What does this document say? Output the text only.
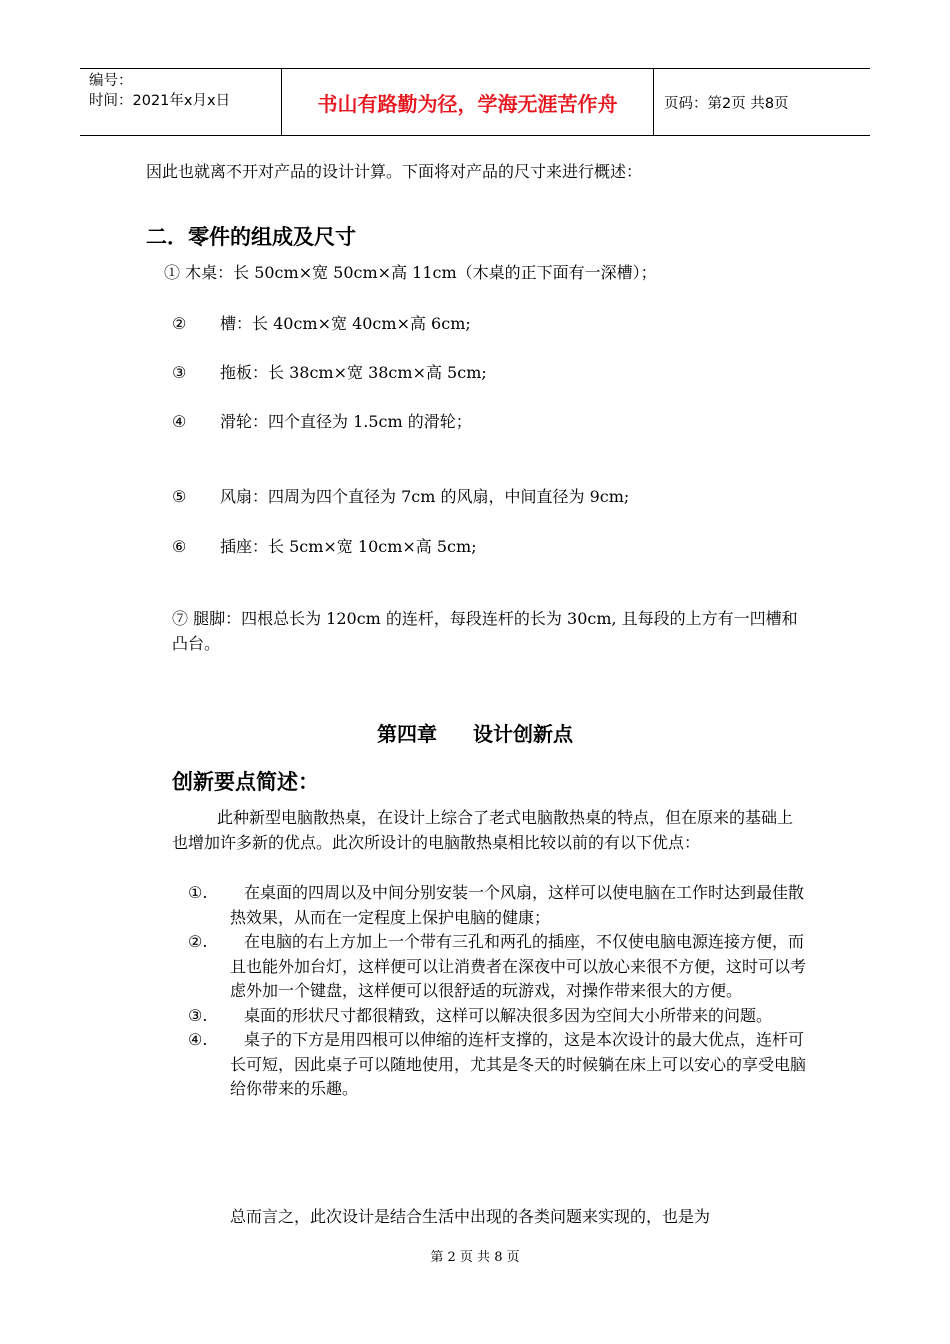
编号：
时间：2021年x月x日	书山有路勤为径，学海无涯苦作舟	页码：第2页 共8页
因此也就离不开对产品的设计计算。下面将对产品的尺寸来进行概述：
二．零件的组成及尺寸
① 木桌：长 50cm×宽 50cm×高 11cm（木桌的正下面有一深槽）；
② 槽：长 40cm×宽 40cm×高 6cm;
③ 拖板：长 38cm×宽 38cm×高 5cm;
④ 滑轮：四个直径为 1.5cm 的滑轮；
⑤ 风扇：四周为四个直径为 7cm 的风扇，中间直径为 9cm;
⑥ 插座：长 5cm×宽 10cm×高 5cm;
⑦ 腿脚：四根总长为 120cm 的连杆，每段连杆的长为 30cm, 且每段的上方有一凹槽和凸台。
第四章 设计创新点
创新要点简述：
此种新型电脑散热桌，在设计上综合了老式电脑散热桌的特点，但在原来的基础上也增加许多新的优点。此次所设计的电脑散热桌相比较以前的有以下优点：
①.	在桌面的四周以及中间分别安装一个风扇，这样可以使电脑在工作时达到最佳散热效果，从而在一定程度上保护电脑的健康；
②.	在电脑的右上方加上一个带有三孔和两孔的插座，不仅使电脑电源连接方便，而且也能外加台灯，这样便可以让消费者在深夜中可以放心来很不方便，这时可以考虑外加一个键盘，这样便可以很舒适的玩游戏，对操作带来很大的方便。
③.	桌面的形状尺寸都很精致，这样可以解决很多因为空间大小所带来的问题。
④.	桌子的下方是用四根可以伸缩的连杆支撑的，这是本次设计的最大优点，连杆可长可短，因此桌子可以随地使用，尤其是冬天的时候躺在床上可以安心的享受电脑给你带来的乐趣。
总而言之，此次设计是结合生活中出现的各类问题来实现的，也是为
第 2 页 共 8 页
